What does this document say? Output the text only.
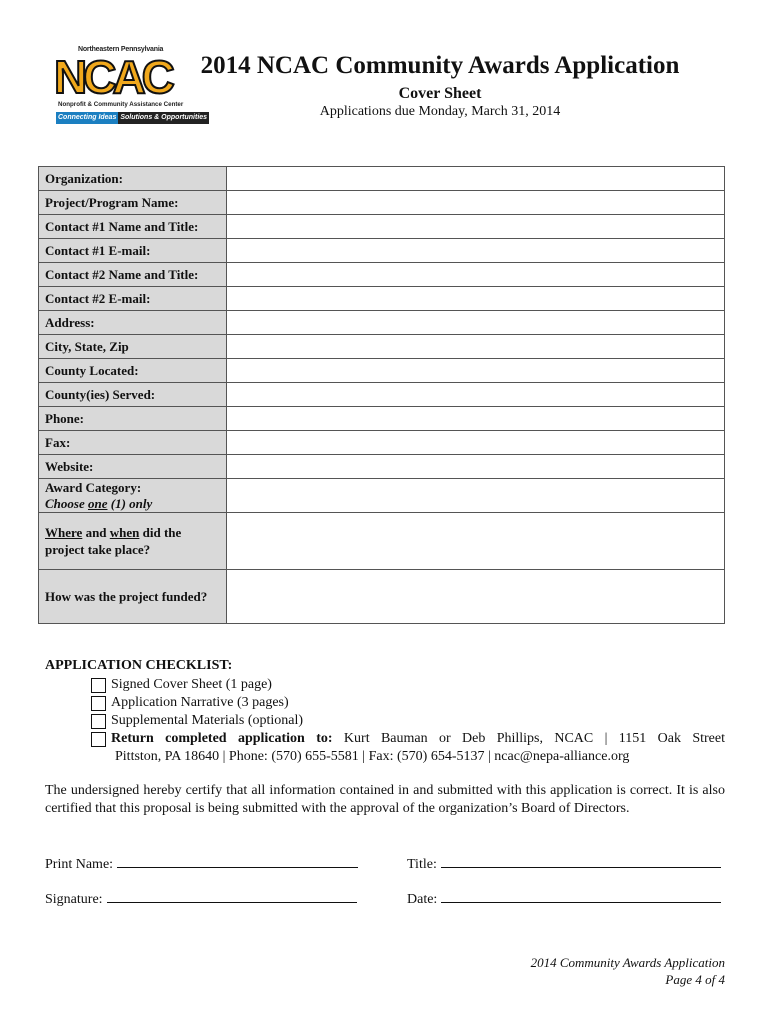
Northeastern Pennsylvania
NCAC
Nonprofit & Community Assistance Center
Connecting Ideas Solutions & Opportunities
2014 NCAC Community Awards Application
Cover Sheet
Applications due Monday, March 31, 2014
Organization:	
Project/Program Name:	
Contact #1 Name and Title:	
Contact #1 E-mail:	
Contact #2 Name and Title:	
Contact #2 E-mail:	
Address:	
City, State, Zip	
County Located:	
County(ies) Served:	
Phone:	
Fax:	
Website:	
Award Category:
Choose one (1) only	
Where and when did the
project take place?	
How was the project funded?	
APPLICATION CHECKLIST:
Signed Cover Sheet (1 page)
Application Narrative (3 pages)
Supplemental Materials (optional)
Return completed application to: Kurt Bauman or Deb Phillips, NCAC | 1151 Oak Street
Pittston, PA 18640 | Phone: (570) 655-5581 | Fax: (570) 654-5137 | ncac@nepa-alliance.org
The undersigned hereby certify that all information contained in and submitted with this application is correct. It is also certified that this proposal is being submitted with the approval of the organization’s Board of Directors.
Print Name:	Title:
Signature:	Date:
2014 Community Awards Application
Page 4 of 4
